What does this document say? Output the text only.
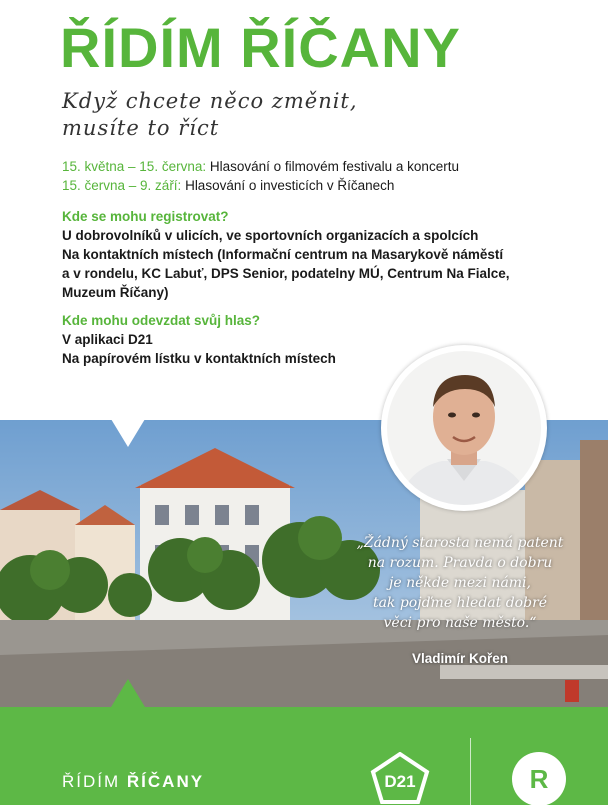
ŘÍDÍM ŘÍČANY
Když chcete něco změnit,
musíte to říct
15. května – 15. června: Hlasování o filmovém festivalu a koncertu
15. června – 9. září: Hlasování o investicích v Říčanech
Kde se mohu registrovat?
U dobrovolníků v ulicích, ve sportovních organizacích a spolcích
Na kontaktních místech (Informační centrum na Masarykově náměstí
a v rondelu, KC Labuť, DPS Senior, podatelny MÚ, Centrum Na Fialce,
Muzeum Říčany)
Kde mohu odevzdat svůj hlas?
V aplikaci D21
Na papírovém lístku v kontaktních místech
„Žádný starosta nemá patent
na rozum. Pravda o dobru
je někde mezi námi,
tak pojďme hledat dobré
věci pro naše město.“
Vladimír Kořen
ŘÍDÍM ŘÍČANY	D21	R
